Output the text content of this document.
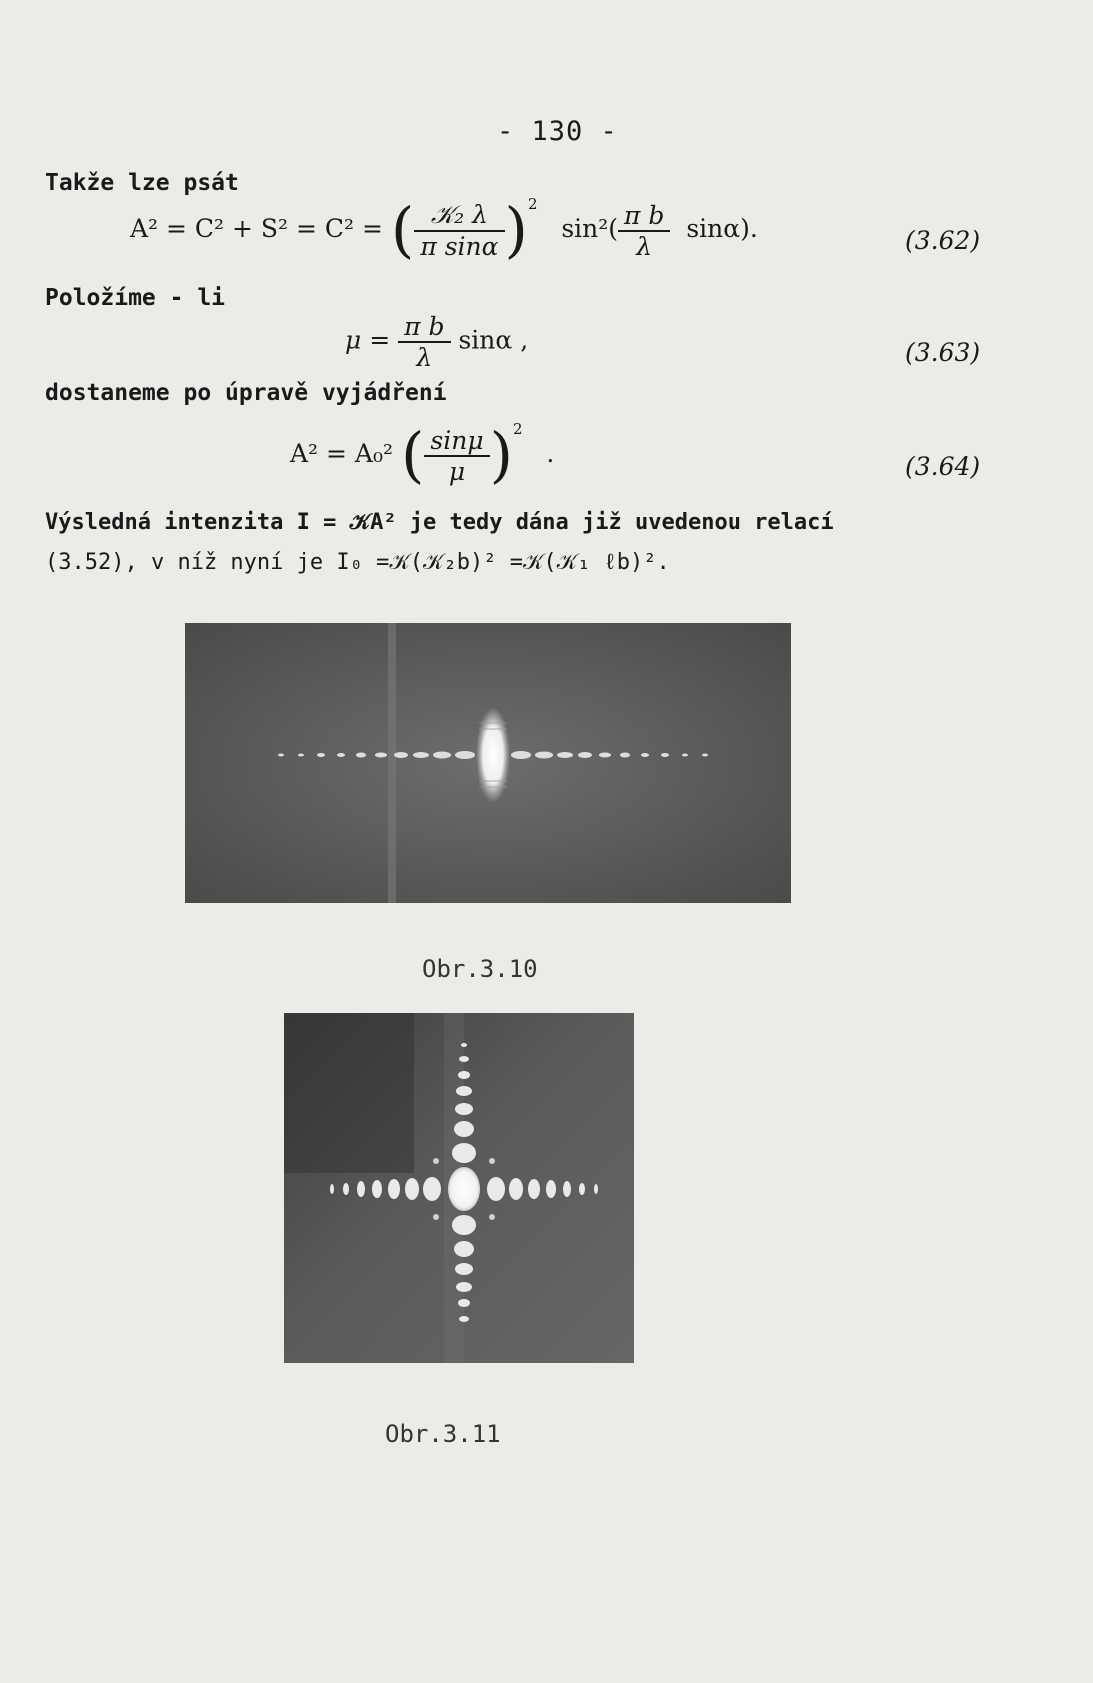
- 130 -
Takže lze psát
A² = C² + S² = C² = ( $\frac{\text{𝒦₂ λ}}{\text{π sinα}} )^2$   $\sin^2( \frac{\text{π b}}{\lambda} \sin\alpha)$.	(3.62)
Položíme - li
$\mu = \frac{\text{π b}}{\lambda}$ sinα ,	(3.63)
dostaneme po úpravě vyjádření
A² = A₀² ( $\frac{\sin\mu}{\mu} )^2$   .	(3.64)
Výsledná intenzita I = 𝒦A² je tedy dána již uvedenou relací
(3.52), v níž nyní je I₀ =𝒦(𝒦₂b)² =𝒦(𝒦₁ ℓb)².
Obr.3.10
Obr.3.11
